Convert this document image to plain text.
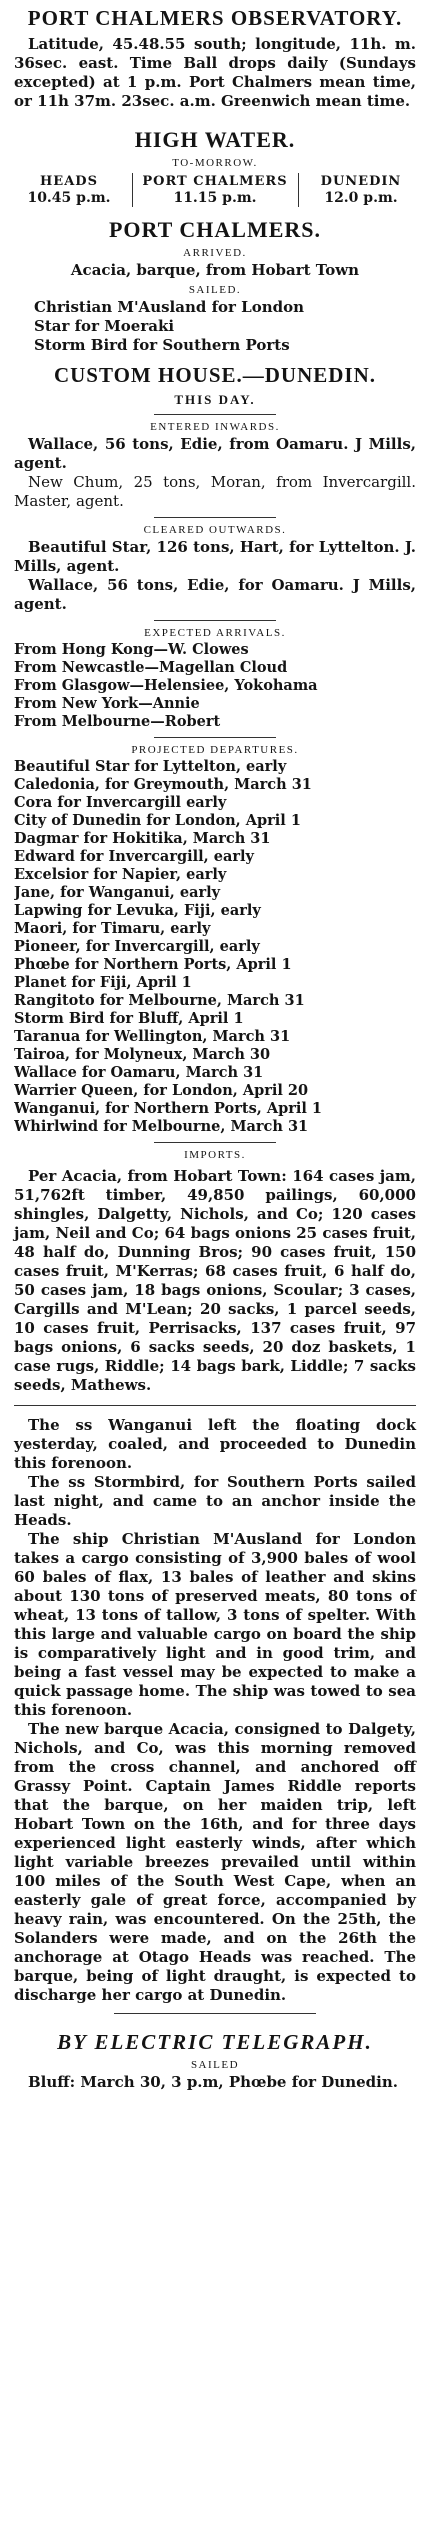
PORT CHALMERS OBSERVATORY.

Latitude, 45.48.55 south; longitude, 11h. m. 36sec. east. Time Ball drops daily (Sundays excepted) at 1 p.m. Port Chalmers mean time, or 11h 37m. 23sec. a.m. Greenwich mean time.

HIGH WATER.
TO-MORROW.
HEADS
10.45 p.m.
PORT CHALMERS
11.15 p.m.
DUNEDIN
12.0 p.m.
PORT CHALMERS.
ARRIVED.

Acacia, barque, from Hobart Town

SAILED.

Christian M'Ausland for London

Star for Moeraki

Storm Bird for Southern Ports

CUSTOM HOUSE.—DUNEDIN.
THIS DAY.
ENTERED INWARDS.

Wallace, 56 tons, Edie, from Oamaru. J Mills, agent.

New Chum, 25 tons, Moran, from Invercargill. Master, agent.

CLEARED OUTWARDS.

Beautiful Star, 126 tons, Hart, for Lyttelton. J. Mills, agent.

Wallace, 56 tons, Edie, for Oamaru. J Mills, agent.

EXPECTED ARRIVALS.

From Hong Kong—W. Clowes

From Newcastle—Magellan Cloud

From Glasgow—Helensiee, Yokohama

From New York—Annie

From Melbourne—Robert

PROJECTED DEPARTURES.

Beautiful Star for Lyttelton, early

Caledonia, for Greymouth, March 31

Cora for Invercargill early

City of Dunedin for London, April 1

Dagmar for Hokitika, March 31

Edward for Invercargill, early

Excelsior for Napier, early

Jane, for Wanganui, early

Lapwing for Levuka, Fiji, early

Maori, for Timaru, early

Pioneer, for Invercargill, early

Phœbe for Northern Ports, April 1

Planet for Fiji, April 1

Rangitoto for Melbourne, March 31

Storm Bird for Bluff, April 1

Taranua for Wellington, March 31

Tairoa, for Molyneux, March 30

Wallace for Oamaru, March 31

Warrier Queen, for London, April 20

Wanganui, for Northern Ports, April 1

Whirlwind for Melbourne, March 31

IMPORTS.

Per Acacia, from Hobart Town: 164 cases jam, 51,762ft timber, 49,850 pailings, 60,000 shingles, Dalgetty, Nichols, and Co; 120 cases jam, Neil and Co; 64 bags onions 25 cases fruit, 48 half do, Dunning Bros; 90 cases fruit, 150 cases fruit, M'Kerras; 68 cases fruit, 6 half do, 50 cases jam, 18 bags onions, Scoular; 3 cases, Cargills and M'Lean; 20 sacks, 1 parcel seeds, 10 cases fruit, Perrisacks, 137 cases fruit, 97 bags onions, 6 sacks seeds, 20 doz baskets, 1 case rugs, Riddle; 14 bags bark, Liddle; 7 sacks seeds, Mathews.

The ss Wanganui left the floating dock yesterday, coaled, and proceeded to Dunedin this forenoon.

The ss Stormbird, for Southern Ports sailed last night, and came to an anchor inside the Heads.

The ship Christian M'Ausland for London takes a cargo consisting of 3,900 bales of wool 60 bales of flax, 13 bales of leather and skins about 130 tons of preserved meats, 80 tons of wheat, 13 tons of tallow, 3 tons of spelter. With this large and valuable cargo on board the ship is comparatively light and in good trim, and being a fast vessel may be expected to make a quick passage home. The ship was towed to sea this forenoon.

The new barque Acacia, consigned to Dalgety, Nichols, and Co, was this morning removed from the cross channel, and anchored off Grassy Point. Captain James Riddle reports that the barque, on her maiden trip, left Hobart Town on the 16th, and for three days experienced light easterly winds, after which light variable breezes prevailed until within 100 miles of the South West Cape, when an easterly gale of great force, accompanied by heavy rain, was encountered. On the 25th, the Solanders were made, and on the 26th the anchorage at Otago Heads was reached. The barque, being of light draught, is expected to discharge her cargo at Dunedin.

BY ELECTRIC TELEGRAPH.
SAILED

Bluff: March 30, 3 p.m, Phœbe for Dunedin.
